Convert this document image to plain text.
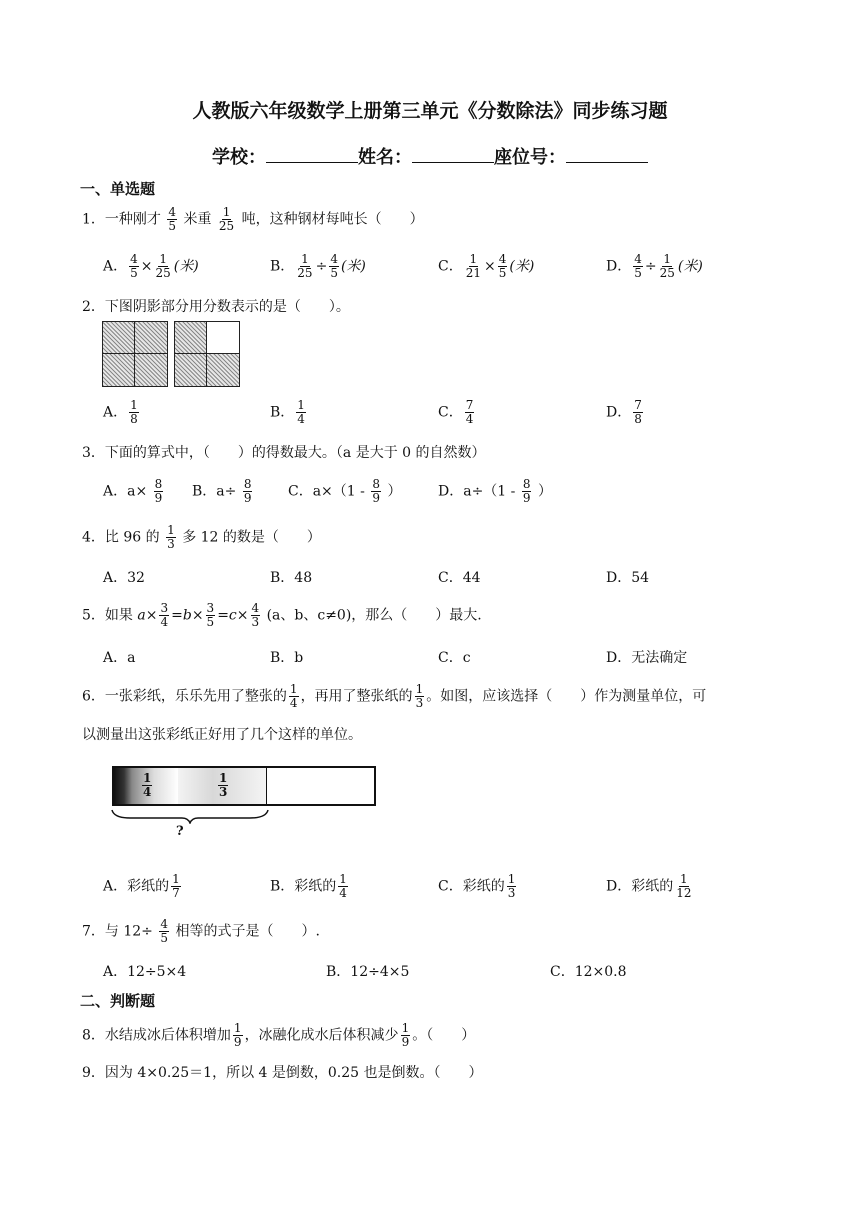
人教版六年级数学上册第三单元《分数除法》同步练习题
学校：	姓名：	座位号：
一、单选题
1．一种刚才 $\frac{4}{5}$ 米重 $\frac{1}{25}$ 吨，这种钢材每吨长（　　）
A． $\frac{4}{5} \times \frac{1}{25}$ (米)	B． $\frac{1}{25} \div \frac{4}{5}$ (米)	C． $\frac{1}{21} \times \frac{4}{5}$ (米)	D． $\frac{4}{5} \div \frac{1}{25}$ (米)
2．下图阴影部分用分数表示的是（　　）。
A． $\frac{1}{8}$	B． $\frac{1}{4}$	C． $\frac{7}{4}$	D． $\frac{7}{8}$
3．下面的算式中，（　　）的得数最大。（a 是大于 0 的自然数）
A．$a\times \frac{8}{9}$ B．$a\div \frac{8}{9}$	C．$a\times(1 - \frac{8}{9}$ ）	D．$a\div(1 - \frac{8}{9}$ ）
4．比 96 的 $\frac{1}{3}$ 多 12 的数是（　　）
A．32	B．48	C．44	D．54
5．如果 $a\times \frac{3}{4} =b\times \frac{3}{5} =c\times \frac{4}{3} (a$、b、c≠0)，那么（　　）最大.
A．a	B．b	C．c	D．无法确定
6．一张彩纸，乐乐先用了整张的 $\frac{1}{4}$ ，再用了整张纸的 $\frac{1}{3}$ 。如图，应该选择（　　）作为测量单位，可
以测量出这张彩纸正好用了几个这样的单位。
$\frac{1}{4}$	$\frac{1}{3}$
?
A．彩纸的 $\frac{1}{7}$	B．彩纸的 $\frac{1}{4}$	C．彩纸的 $\frac{1}{3}$	D．彩纸的 $\frac{1}{12}$
7．与 $12\div \frac{4}{5}$ 相等的式子是（　　）.
A．12÷5×4	B．12÷4×5	C．12×0.8
二、判断题
8．水结成冰后体积增加 $\frac{1}{9}$ ，冰融化成水后体积减少 $\frac{1}{9}$ 。（　　）
9．因为 4×0.25＝1，所以 4 是倒数，0.25 也是倒数。（　　）
